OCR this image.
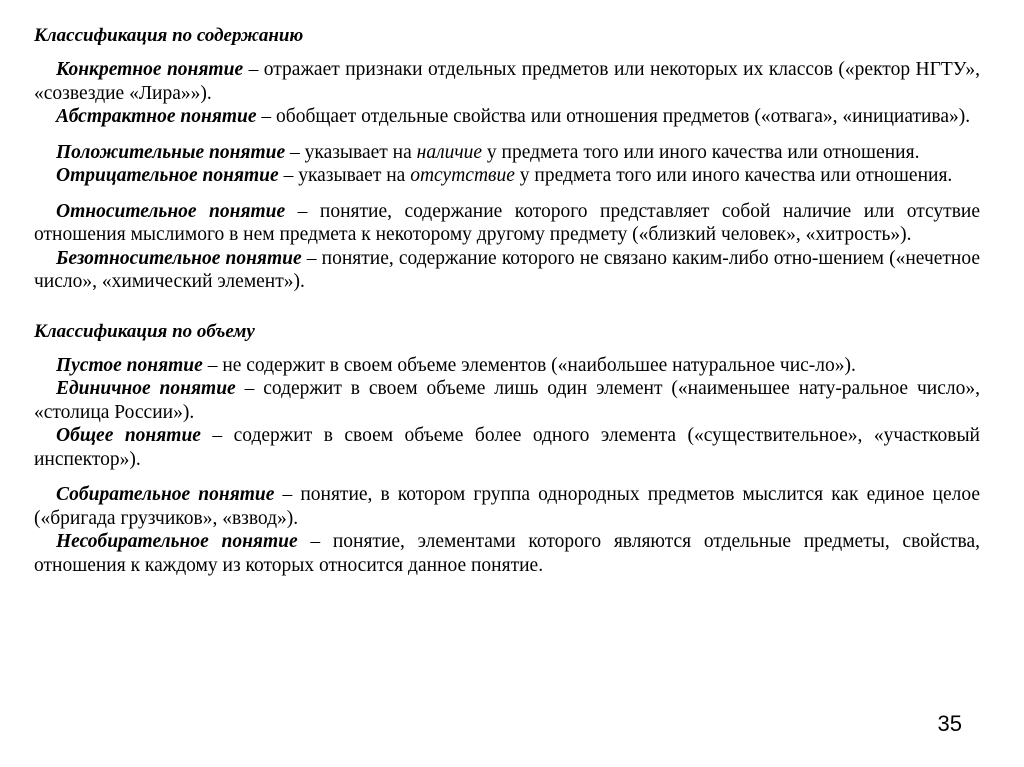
Классификация по содержанию

Конкретное понятие – отражает признаки отдельных предметов или некоторых их классов («ректор НГТУ», «созвездие «Лира»»).

Абстрактное понятие – обобщает отдельные свойства или отношения предметов («отвага», «инициатива»).

Положительные понятие – указывает на наличие у предмета того или иного качества или отношения.

Отрицательное понятие – указывает на отсутствие у предмета того или иного качества или отношения.

Относительное понятие – понятие, содержание которого представляет собой наличие или отсутвие отношения мыслимого в нем предмета к некоторому другому предмету («близкий человек», «хитрость»).

Безотносительное понятие – понятие, содержание которого не связано каким-либо отно-шением («нечетное число», «химический элемент»).

Классификация по объему

Пустое понятие – не содержит в своем объеме элементов («наибольшее натуральное чис-ло»).

Единичное понятие – содержит в своем объеме лишь один элемент («наименьшее нату-ральное число», «столица России»).

Общее понятие – содержит в своем объеме более одного элемента («существительное», «участковый инспектор»).

Собирательное понятие – понятие, в котором группа однородных предметов мыслится как единое целое («бригада грузчиков», «взвод»).

Несобирательное понятие – понятие, элементами которого являются отдельные предметы, свойства, отношения к каждому из которых относится данное понятие.

35
